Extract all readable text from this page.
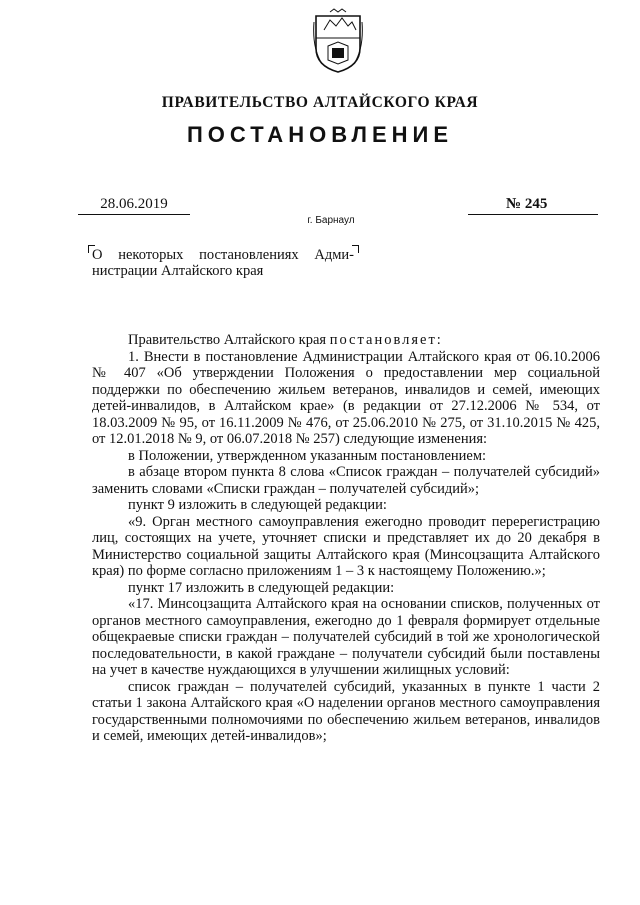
ПРАВИТЕЛЬСТВО АЛТАЙСКОГО КРАЯ
ПОСТАНОВЛЕНИЕ
28.06.2019	№ 245
г. Барнаул
О некоторых постановлениях Адми-
нистрации Алтайского края

Правительство Алтайского края постановляет:

1. Внести в постановление Администрации Алтайского края от 06.10.2006 № 407 «Об утверждении Положения о предоставлении мер социальной поддержки по обеспечению жильем ветеранов, инвалидов и семей, имеющих детей-инвалидов, в Алтайском крае» (в редакции от 27.12.2006 № 534, от 18.03.2009 № 95, от 16.11.2009 № 476, от 25.06.2010 № 275, от 31.10.2015 № 425, от 12.01.2018 № 9, от 06.07.2018 № 257) следующие изменения:

в Положении, утвержденном указанным постановлением:

в абзаце втором пункта 8 слова «Список граждан – получателей субсидий» заменить словами «Списки граждан – получателей субсидий»;

пункт 9 изложить в следующей редакции:

«9. Орган местного самоуправления ежегодно проводит перерегистрацию лиц, состоящих на учете, уточняет списки и представляет их до 20 декабря в Министерство социальной защиты Алтайского края (Минсоцзащита Алтайского края) по форме согласно приложениям 1 – 3 к настоящему Положению.»;

пункт 17 изложить в следующей редакции:

«17. Минсоцзащита Алтайского края на основании списков, полученных от органов местного самоуправления, ежегодно до 1 февраля формирует отдельные общекраевые списки граждан – получателей субсидий в той же хронологической последовательности, в какой граждане – получатели субсидий были поставлены на учет в качестве нуждающихся в улучшении жилищных условий:

список граждан – получателей субсидий, указанных в пункте 1 части 2 статьи 1 закона Алтайского края «О наделении органов местного самоуправления государственными полномочиями по обеспечению жильем ветеранов, инвалидов и семей, имеющих детей-инвалидов»;
